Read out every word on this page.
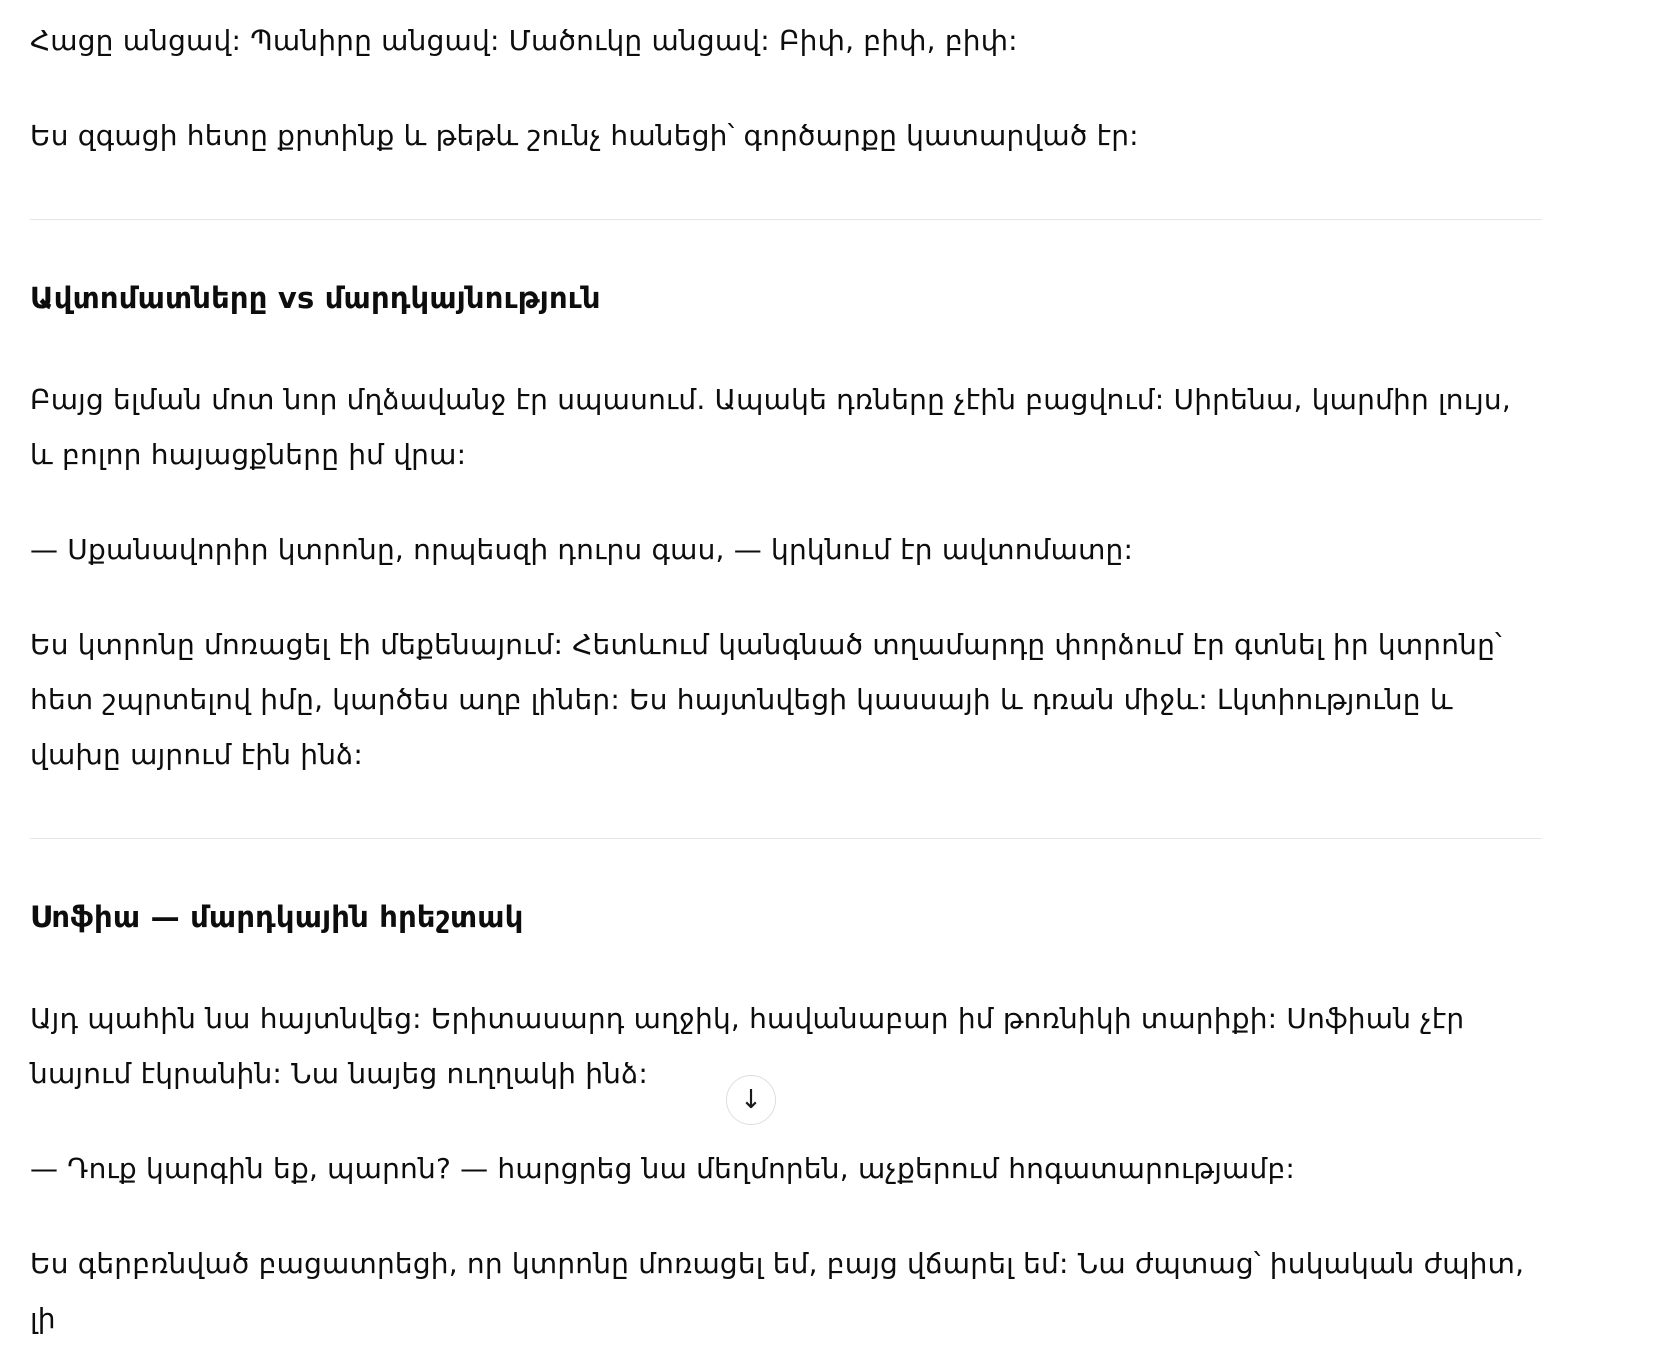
Հացը անցավ: Պանիրը անցավ: Մածուկը անցավ: Բիփ, բիփ, բիփ:

Ես զգացի հետը քրտինք և թեթև շունչ հանեցի՝ գործարքը կատարված էր:

Ավտոմատները vs մարդկայնություն

Բայց ելման մոտ նոր մղձավանջ էր սպասում. Ապակե դռները չէին բացվում: Սիրենա, կարմիր լույս, և բոլոր հայացքները իմ վրա:

— Սքանավորիր կտրոնը, որպեսզի դուրս գաս, — կրկնում էր ավտոմատը:

Ես կտրոնը մոռացել էի մեքենայում: Հետևում կանգնած տղամարդը փորձում էր գտնել իր կտրոնը՝ հետ շպրտելով իմը, կարծես աղբ լիներ: Ես հայտնվեցի կասսայի և դռան միջև: Լկտիությունը և վախը այրում էին ինձ:

Սոֆիա — մարդկային հրեշտակ

Այդ պահին նա հայտնվեց: Երիտասարդ աղջիկ, հավանաբար իմ թոռնիկի տարիքի: Սոֆիան չէր նայում էկրանին: Նա նայեց ուղղակի ինձ:

— Դուք կարգին եք, պարոն? — հարցրեց նա մեղմորեն, աչքերում հոգատարությամբ:

Ես գերբռնված բացատրեցի, որ կտրոնը մոռացել եմ, բայց վճարել եմ: Նա ժպտաց՝ իսկական ժպիտ, լի

↓
